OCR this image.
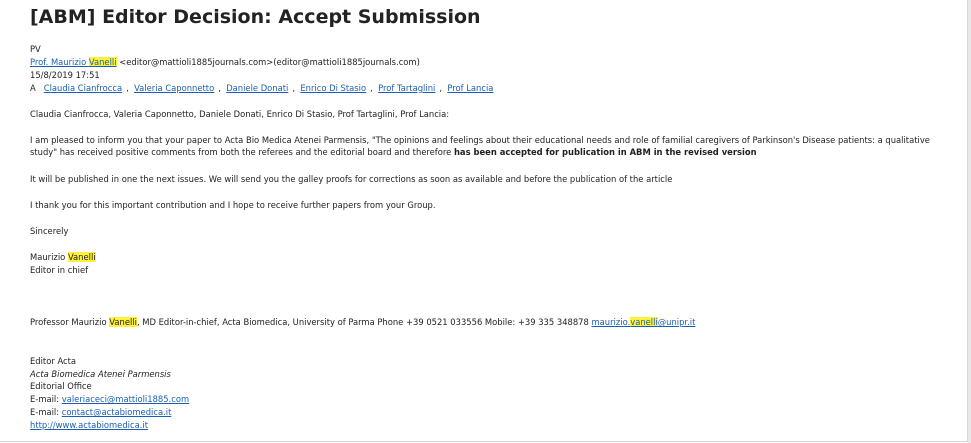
[ABM] Editor Decision: Accept Submission
PV
Prof. Maurizio Vanelli <editor@mattioli1885journals.com>(editor@mattioli1885journals.com)
15/8/2019 17:51
A Claudia Cianfrocca ,  Valeria Caponnetto ,  Daniele Donati ,  Enrico Di Stasio ,  Prof Tartaglini ,  Prof Lancia
Claudia Cianfrocca, Valeria Caponnetto, Daniele Donati, Enrico Di Stasio, Prof Tartaglini, Prof Lancia:
I am pleased to inform you that your paper to Acta Bio Medica Atenei Parmensis, "The opinions and feelings about their educational needs and role of familial caregivers of Parkinson's Disease patients: a qualitative study" has received positive comments from both the referees and the editorial board and therefore has been accepted for publication in ABM in the revised version
It will be published in one the next issues. We will send you the galley proofs for corrections as soon as available and before the publication of the article
I thank you for this important contribution and I hope to receive further papers from your Group.
Sincerely
Maurizio Vanelli
Editor in chief
Professor Maurizio Vanelli, MD Editor-in-chief, Acta Biomedica, University of Parma Phone +39 0521 033556 Mobile: +39 335 348878 maurizio.vanelli@unipr.it
Editor Acta
Acta Biomedica Atenei Parmensis
Editorial Office
E-mail: valeriaceci@mattioli1885.com
E-mail: contact@actabiomedica.it
http://www.actabiomedica.it
